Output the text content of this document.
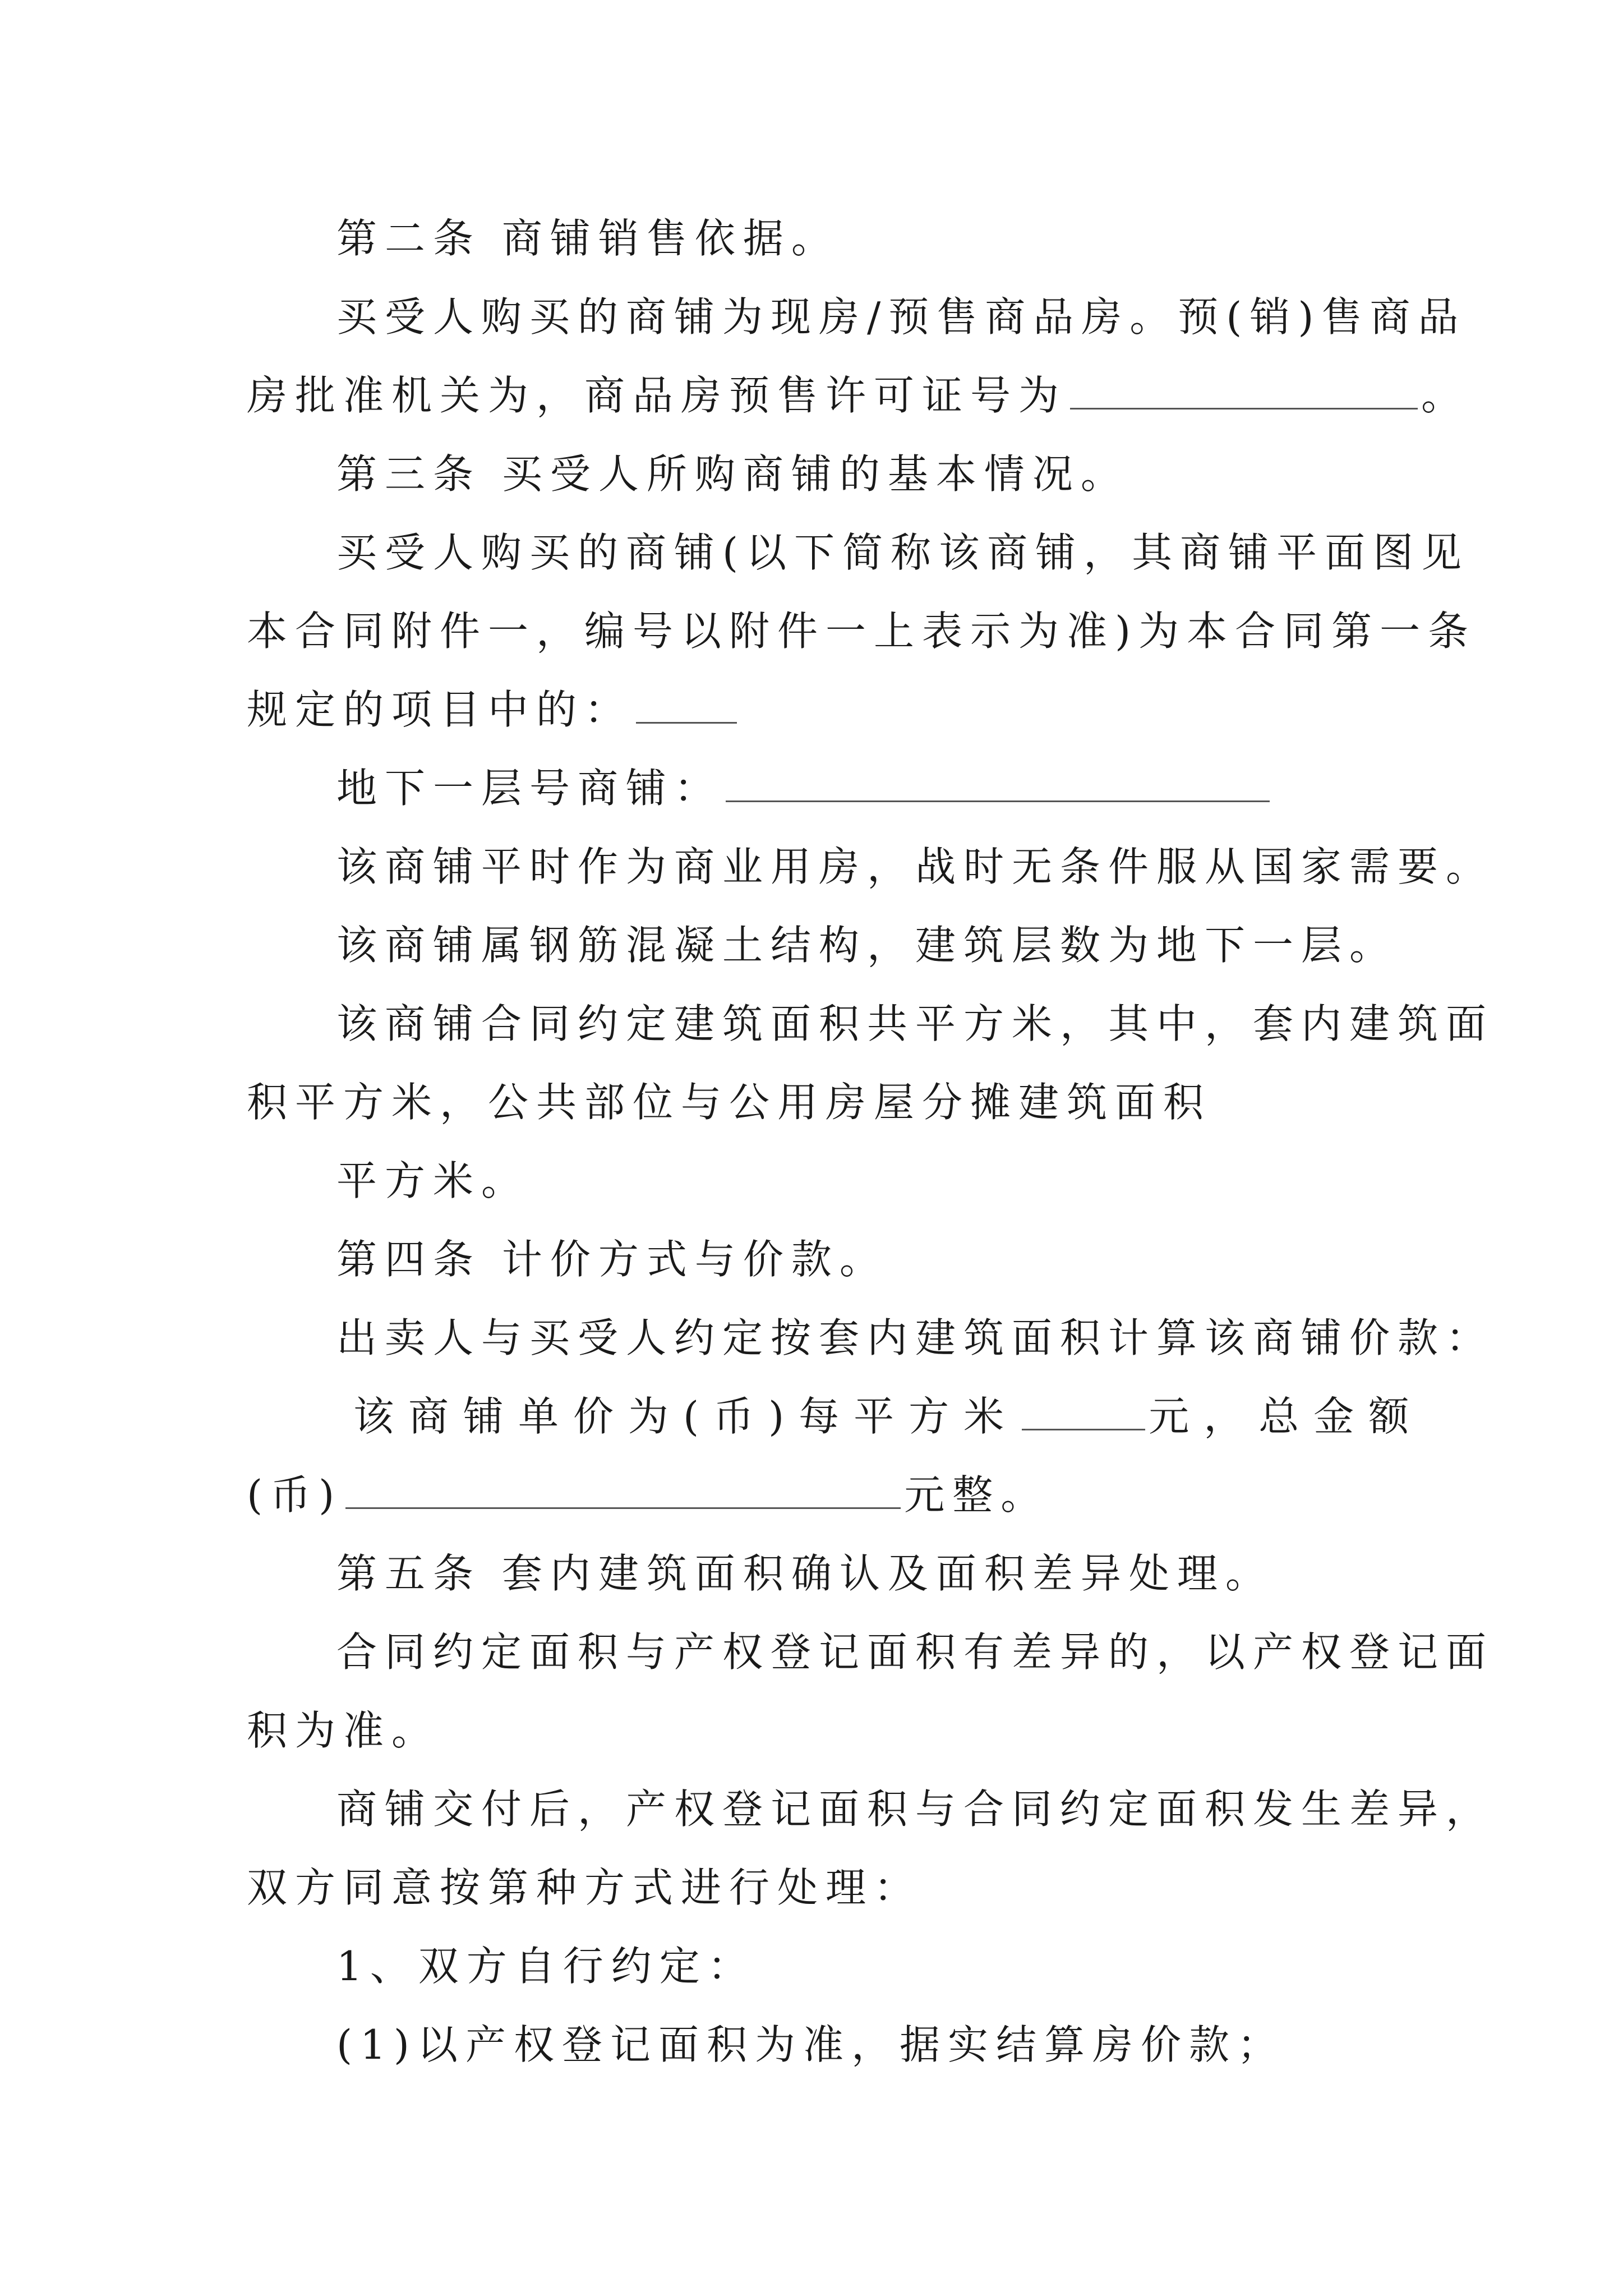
第二条 商铺销售依据。
买受人购买的商铺为现房/预售商品房。预(销)售商品
房批准机关为，商品房预售许可证号为	。
第三条 买受人所购商铺的基本情况。
买受人购买的商铺(以下简称该商铺，其商铺平面图见
本合同附件一，编号以附件一上表示为准)为本合同第一条
规定的项目中的：
地下一层号商铺：
该商铺平时作为商业用房，战时无条件服从国家需要。
该商铺属钢筋混凝土结构，建筑层数为地下一层。
该商铺合同约定建筑面积共平方米，其中，套内建筑面
积平方米，公共部位与公用房屋分摊建筑面积
平方米。
第四条 计价方式与价款。
出卖人与买受人约定按套内建筑面积计算该商铺价款：
该商铺单价为(币)每平方米	元，总金额
(币)	元整。
第五条 套内建筑面积确认及面积差异处理。
合同约定面积与产权登记面积有差异的，以产权登记面
积为准。
商铺交付后，产权登记面积与合同约定面积发生差异，
双方同意按第种方式进行处理：
1、双方自行约定：
(1)以产权登记面积为准，据实结算房价款；
